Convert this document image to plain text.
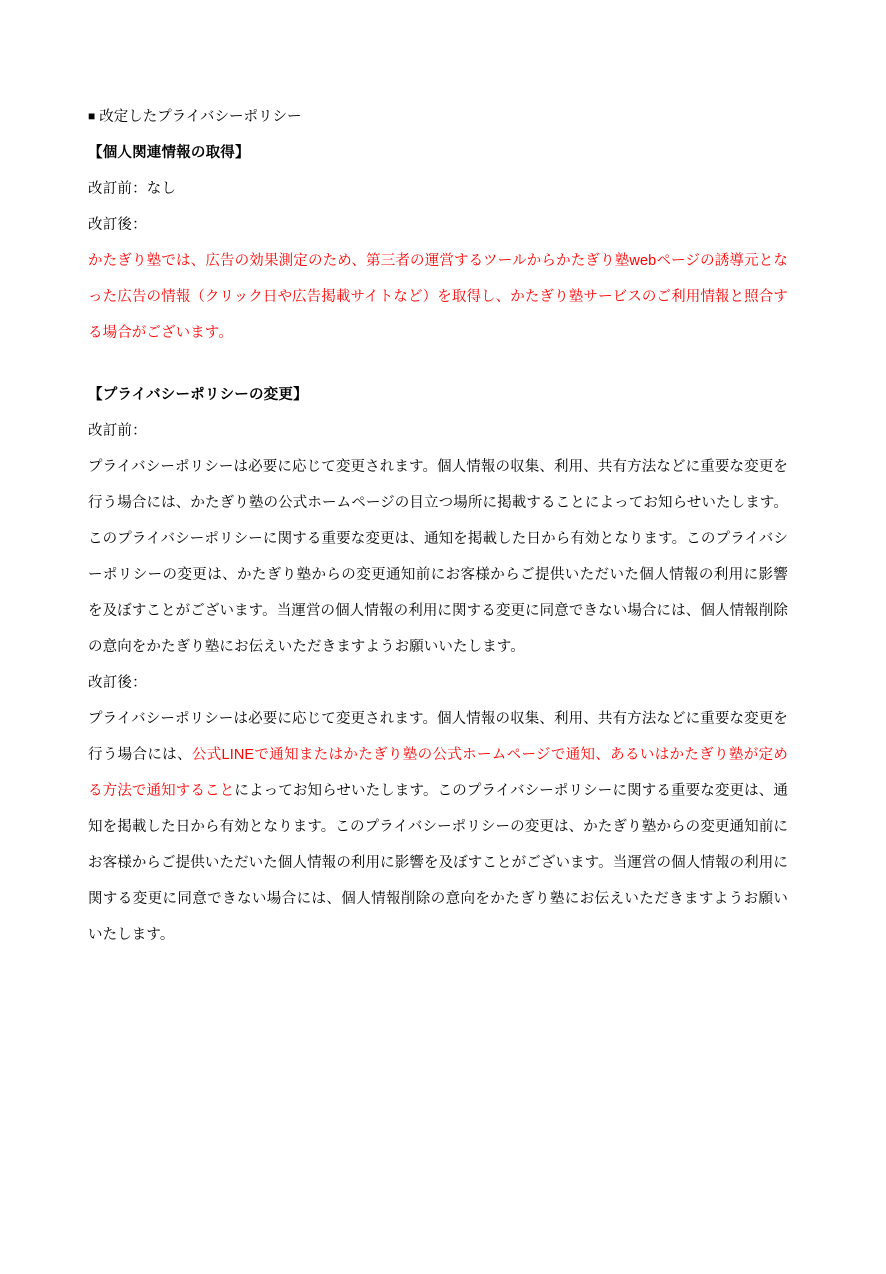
■ 改定したプライバシーポリシー
【個人関連情報の取得】
改訂前：なし
改訂後：
かたぎり塾では、広告の効果測定のため、第三者の運営するツールからかたぎり塾webページの誘導元となった広告の情報（クリック日や広告掲載サイトなど）を取得し、かたぎり塾サービスのご利用情報と照合する場合がございます。
【プライバシーポリシーの変更】
改訂前：
プライバシーポリシーは必要に応じて変更されます。個人情報の収集、利用、共有方法などに重要な変更を行う場合には、かたぎり塾の公式ホームページの目立つ場所に掲載することによってお知らせいたします。このプライバシーポリシーに関する重要な変更は、通知を掲載した日から有効となります。このプライバシーポリシーの変更は、かたぎり塾からの変更通知前にお客様からご提供いただいた個人情報の利用に影響を及ぼすことがございます。当運営の個人情報の利用に関する変更に同意できない場合には、個人情報削除の意向をかたぎり塾にお伝えいただきますようお願いいたします。
改訂後：
プライバシーポリシーは必要に応じて変更されます。個人情報の収集、利用、共有方法などに重要な変更を行う場合には、公式LINEで通知またはかたぎり塾の公式ホームページで通知、あるいはかたぎり塾が定める方法で通知することによってお知らせいたします。このプライバシーポリシーに関する重要な変更は、通知を掲載した日から有効となります。このプライバシーポリシーの変更は、かたぎり塾からの変更通知前にお客様からご提供いただいた個人情報の利用に影響を及ぼすことがございます。当運営の個人情報の利用に関する変更に同意できない場合には、個人情報削除の意向をかたぎり塾にお伝えいただきますようお願いいたします。
